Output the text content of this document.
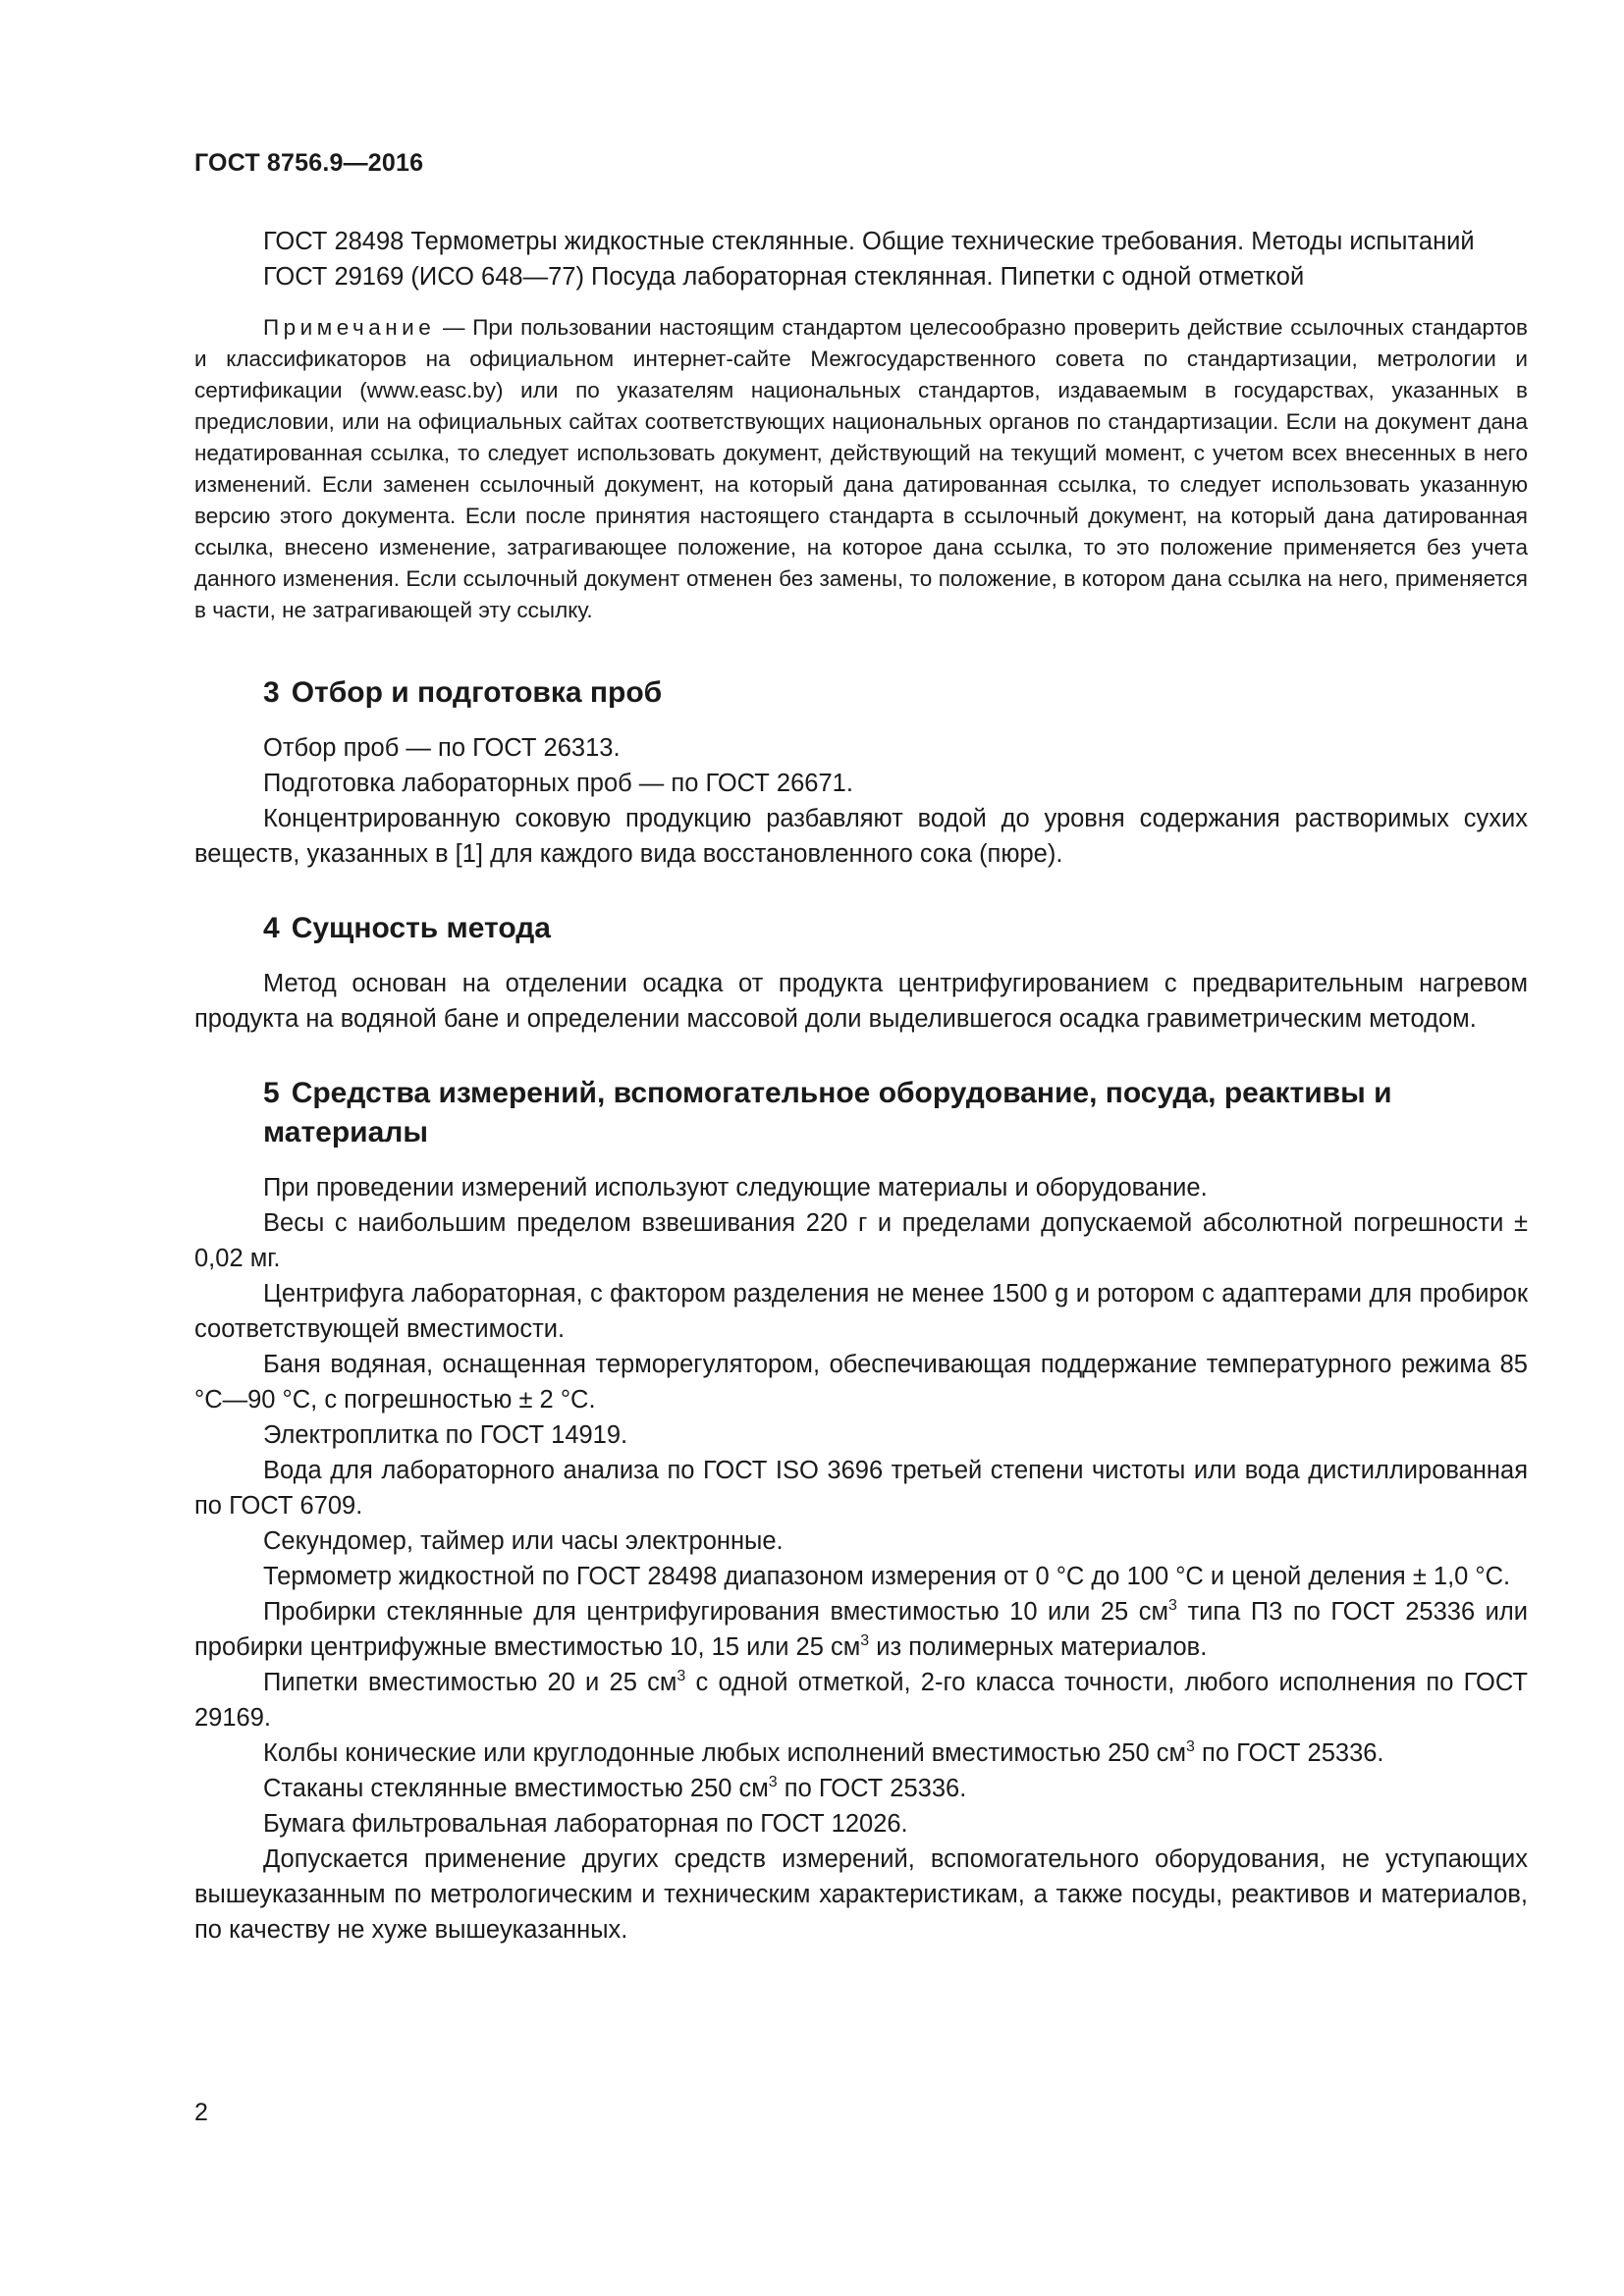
ГОСТ 8756.9—2016

ГОСТ 28498 Термометры жидкостные стеклянные. Общие технические требования. Методы испытаний

ГОСТ 29169 (ИСО 648—77) Посуда лабораторная стеклянная. Пипетки с одной отметкой

Примечание — При пользовании настоящим стандартом целесообразно проверить действие ссылочных стандартов и классификаторов на официальном интернет-сайте Межгосударственного совета по стандартизации, метрологии и сертификации (www.easc.by) или по указателям национальных стандартов, издаваемым в государствах, указанных в предисловии, или на официальных сайтах соответствующих национальных органов по стандартизации. Если на документ дана недатированная ссылка, то следует использовать документ, действующий на текущий момент, с учетом всех внесенных в него изменений. Если заменен ссылочный документ, на который дана датированная ссылка, то следует использовать указанную версию этого документа. Если после принятия настоящего стандарта в ссылочный документ, на который дана датированная ссылка, внесено изменение, затрагивающее положение, на которое дана ссылка, то это положение применяется без учета данного изменения. Если ссылочный документ отменен без замены, то положение, в котором дана ссылка на него, применяется в части, не затрагивающей эту ссылку.

3 Отбор и подготовка проб

Отбор проб — по ГОСТ 26313.

Подготовка лабораторных проб — по ГОСТ 26671.

Концентрированную соковую продукцию разбавляют водой до уровня содержания растворимых сухих веществ, указанных в [1] для каждого вида восстановленного сока (пюре).

4 Сущность метода

Метод основан на отделении осадка от продукта центрифугированием с предварительным нагревом продукта на водяной бане и определении массовой доли выделившегося осадка гравиметрическим методом.

5 Средства измерений, вспомогательное оборудование, посуда, реактивы и материалы

При проведении измерений используют следующие материалы и оборудование.

Весы с наибольшим пределом взвешивания 220 г и пределами допускаемой абсолютной погрешности ± 0,02 мг.

Центрифуга лабораторная, с фактором разделения не менее 1500 g и ротором с адаптерами для пробирок соответствующей вместимости.

Баня водяная, оснащенная терморегулятором, обеспечивающая поддержание температурного режима 85 °С—90 °С, с погрешностью ± 2 °С.

Электроплитка по ГОСТ 14919.

Вода для лабораторного анализа по ГОСТ ISO 3696 третьей степени чистоты или вода дистиллированная по ГОСТ 6709.

Секундомер, таймер или часы электронные.

Термометр жидкостной по ГОСТ 28498 диапазоном измерения от 0 °С до 100 °С и ценой деления ± 1,0 °С.

Пробирки стеклянные для центрифугирования вместимостью 10 или 25 $см^3$ типа П3 по ГОСТ 25336 или пробирки центрифужные вместимостью 10, 15 или 25 $см^3$ из полимерных материалов.

Пипетки вместимостью 20 и 25 $см^3$ с одной отметкой, 2-го класса точности, любого исполнения по ГОСТ 29169.

Колбы конические или круглодонные любых исполнений вместимостью 250 $см^3$ по ГОСТ 25336.

Стаканы стеклянные вместимостью 250 $см^3$ по ГОСТ 25336.

Бумага фильтровальная лабораторная по ГОСТ 12026.

Допускается применение других средств измерений, вспомогательного оборудования, не уступающих вышеуказанным по метрологическим и техническим характеристикам, а также посуды, реактивов и материалов, по качеству не хуже вышеуказанных.

2
